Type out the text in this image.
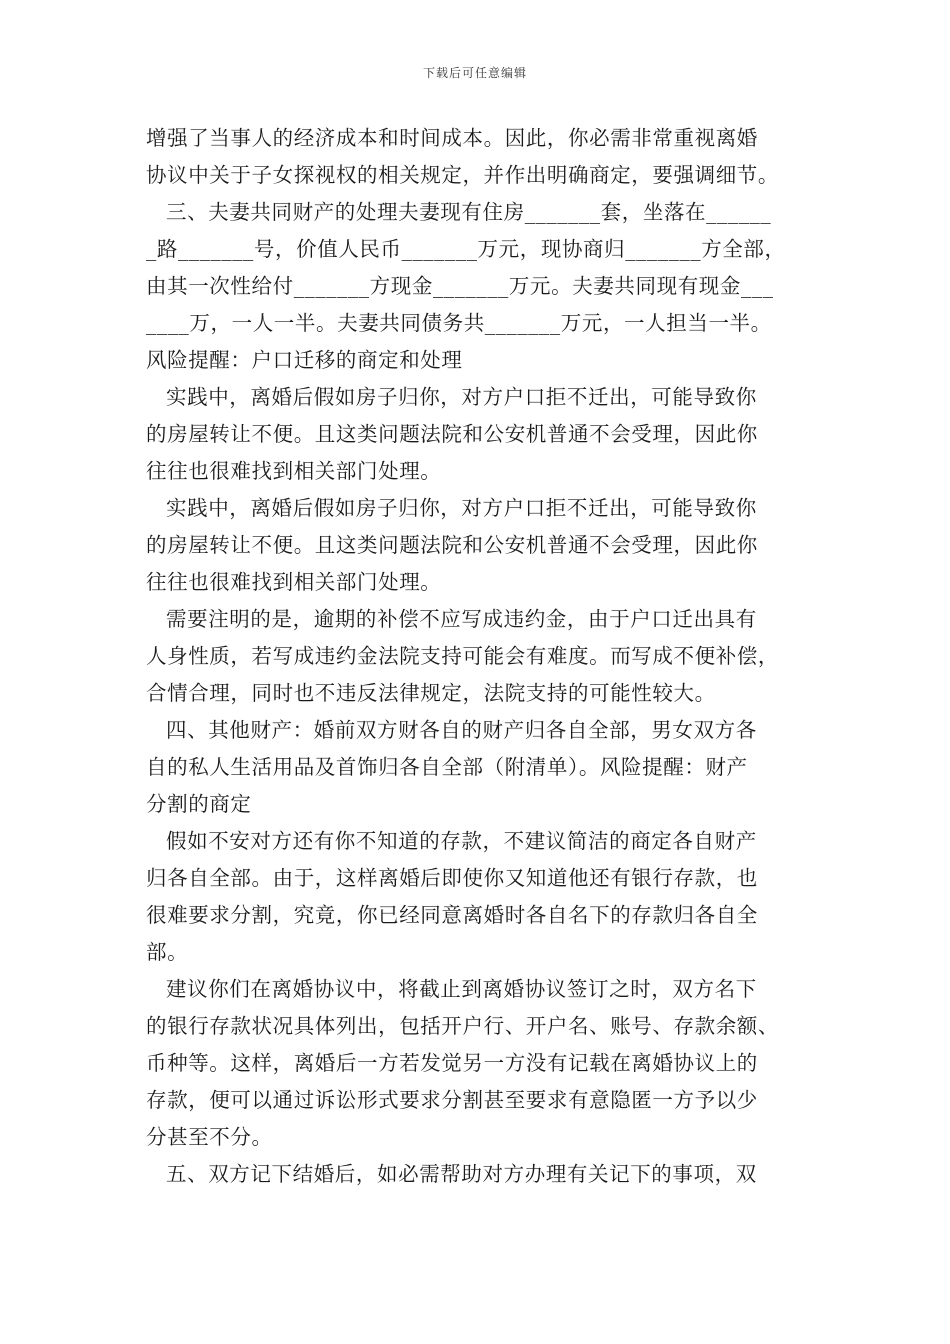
下载后可任意编辑
增强了当事人的经济成本和时间成本。因此，你必需非常重视离婚
协议中关于子女探视权的相关规定，并作出明确商定，要强调细节。
三、夫妻共同财产的处理夫妻现有住房_______套，坐落在______
_路_______号，价值人民币_______万元，现协商归_______方全部，
由其一次性给付_______方现金_______万元。夫妻共同现有现金___
____万，一人一半。夫妻共同债务共_______万元，一人担当一半。
风险提醒：户口迁移的商定和处理
实践中，离婚后假如房子归你，对方户口拒不迁出，可能导致你
的房屋转让不便。且这类问题法院和公安机普通不会受理，因此你
往往也很难找到相关部门处理。
实践中，离婚后假如房子归你，对方户口拒不迁出，可能导致你
的房屋转让不便。且这类问题法院和公安机普通不会受理，因此你
往往也很难找到相关部门处理。
需要注明的是，逾期的补偿不应写成违约金，由于户口迁出具有
人身性质，若写成违约金法院支持可能会有难度。而写成不便补偿，
合情合理，同时也不违反法律规定，法院支持的可能性较大。
四、其他财产：婚前双方财各自的财产归各自全部，男女双方各
自的私人生活用品及首饰归各自全部（附清单）。风险提醒：财产
分割的商定
假如不安对方还有你不知道的存款，不建议简洁的商定各自财产
归各自全部。由于，这样离婚后即使你又知道他还有银行存款，也
很难要求分割，究竟，你已经同意离婚时各自名下的存款归各自全
部。
建议你们在离婚协议中，将截止到离婚协议签订之时，双方名下
的银行存款状况具体列出，包括开户行、开户名、账号、存款余额、
币种等。这样，离婚后一方若发觉另一方没有记载在离婚协议上的
存款，便可以通过诉讼形式要求分割甚至要求有意隐匿一方予以少
分甚至不分。
五、双方记下结婚后，如必需帮助对方办理有关记下的事项，双
